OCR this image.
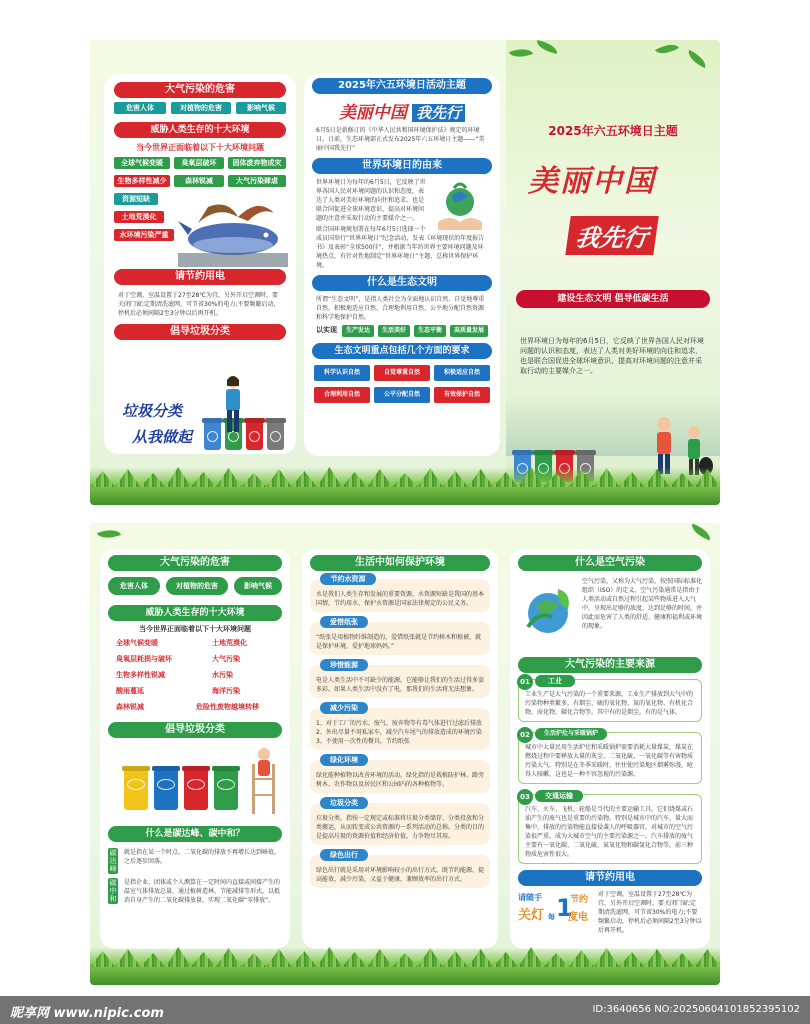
大气污染的危害
危害人体	对植物的危害	影响气候
威胁人类生存的十大环境
当今世界正面临着以下十大环境问题
全球气候变暖	臭氧层破坏	固体废弃物成灾
生物多样性减少	森林锐减	大气污染肆虐
资源短缺
土地荒漠化
水环境污染严重
请节约用电
对于空调，室温设置于27至28℃为宜，另外开启空调时，要关闭门窗;定期清洗滤网，可节省30%的电力;不要频繁启动，停机后必须间隔2至3分钟以后再开机。
倡导垃圾分类
垃圾分类
从我做起
2025年六五环境日活动主题
美丽中国 我先行
6月5日是新修订的《中华人民共和国环境保护法》规定的环境日。日前，生态环境部正式发布2025年六五环境日主题——“美丽中国我先行”
世界环境日的由来
世界环境日为每年的6月5日，它反映了世界各国人民对环境问题的认识和态度，表达了人类对美好环境的向往和追求。也是联合国促进全球环境意识、提高对环境问题的注意并采取行动的主要媒介之一。
联合国环境规划署在每年6月5日选择一个成员国举行“世界环境日”纪念活动，发表《环境现状的年度报告书》及表彰“全球500佳”，并根据当年的世界主要环境问题及环境热点，有针对性地制定“世界环境日”主题，总称世界保护环境。
什么是生态文明
所谓“生态文明”，是指人类社会为全面地认识自然、自觉地尊重自然，积极地适应自然、合理地利用自然、公平地分配自然资源和科学地保护自然。
以实现	生产发达	生活美好	生态平衡	高质量发展
生态文明重点包括几个方面的要求
科学认识自然	自觉尊重自然	积极适应自然
合理利用自然	公平分配自然	有效保护自然
2025年六五环境日主题
美丽中国
我先行
建设生态文明 倡导低碳生活
世界环境日为每年的6月5日，它反映了世界各国人民对环境问题的认识和态度，表达了人类对美好环境的向往和追求，也是联合国促进全球环境意识、提高对环境问题的注意并采取行动的主要媒介之一。
大气污染的危害
危害人体	对植物的危害	影响气候
威胁人类生存的十大环境
当今世界正面临着以下十大环境问题
全球气候变暖	土地荒漠化
臭氧层耗损与破坏	大气污染
生物多样性锐减	水污染
酸雨蔓延	海洋污染
森林锐减	危险性废物越境转移
倡导垃圾分类
什么是碳达峰、碳中和？
碳达峰
就是指在某一个时点，二氧化碳的排放不再增长达到峰值，之后逐步回落。
碳中和
是指企业、团体或个人测算在一定时间内直接或间接产生的温室气体排放总量，通过植树造林、节能减排等形式，以抵消自身产生的二氧化碳排放量，实现二氧化碳“零排放”。
生活中如何保护环境
节约水资源
水是我们人类生存和发展的重要资源，水资源短缺是我国的基本国情，节约用水、保护水资源是国家法律规定的公民义务。
爱惜纸张
“纸张是用植物纤维制造的，爱惜纸张就是节约树木和植被，就是保护环境，爱护地球妈妈。”
珍惜能源
电是人类生活中不可缺少的能源。它能够让我们的生活过得多姿多彩。如果人类生活中没有了电，那我们的生活将无法想象。
减少污染
1、对于工厂的污水、废气、废弃物等有毒气体进行过滤后排放 2、外出尽量不用私家车，减少汽车尾气的排放造成的环境污染 3、不使用一次性的餐具，节约纸张
绿化环境
绿化能种植物以改善环境的活动。绿化指的是栽植防护林、路旁树木、农作物以及居民区和公园内的各种植物等。
垃圾分类
垃圾分类，指按一定规定或标准将垃圾分类储存、分类投放和分类搬运，从而转变成公共资源的一系列活动的总称。分类的目的是提高垃圾的资源价值和经济价值，力争物尽其用。
绿色出行
绿色出行就是采用对环境影响较小的出行方式。既节约能源、提高能效、减少污染，又益于健康、兼顾效率的出行方式。
什么是空气污染
空气污染，又称为大气污染，按照国际标准化组织（ISO）的定义，空气污染通常是指由于人类活动或自然过程引起某些物质进入大气中，呈现出足够的浓度，达到足够的时间，并因此而危害了人类的舒适、健康和福利或环境的现象。
大气污染的主要来源
01	工业
工业生产是大气污染的一个重要来源。工业生产排放到大气中的污染物种类繁多，有烟尘、硫的氧化物、氮的氧化物、有机化合物、卤化物、碳化合物等。其中有的是烟尘，有的是气体。
02	生活炉灶与采暖锅炉
城市中大量民用生活炉灶和采暖锅炉需要消耗大量煤炭，煤炭在燃烧过程中要释放大量的灰尘、二氧化硫、一氧化碳等有害物质污染大气。特别是在冬季采暖时，往往使污染地区烟雾弥漫，呛得人咳嗽，这也是一种不容忽视的污染源。
03	交通运输
汽车、火车、飞机、轮船是当代的主要运输工具，它们烧煤或石油产生的废气也是重要的污染物。特别是城市中的汽车，量大而集中，排放的污染物能直接侵袭人的呼吸器官，对城市的空气污染很严重，成为大城市空气的主要污染源之一。汽车排放的废气主要有一氧化碳、二氧化硫、氮氧化物和碳氢化合物等，前三种物质危害性很大。
请节约用电
请随手
关灯 每 1
度电
节约
对于空调，室温设置于27至28℃为宜，另外开启空调时，要关闭门窗;定期清洗滤网，可节省30%的电力;不要频繁启动，停机后必须间隔2至3分钟以后再开机。
昵享网 www.nipic.com	ID:3640656 NO:20250604101852395102
